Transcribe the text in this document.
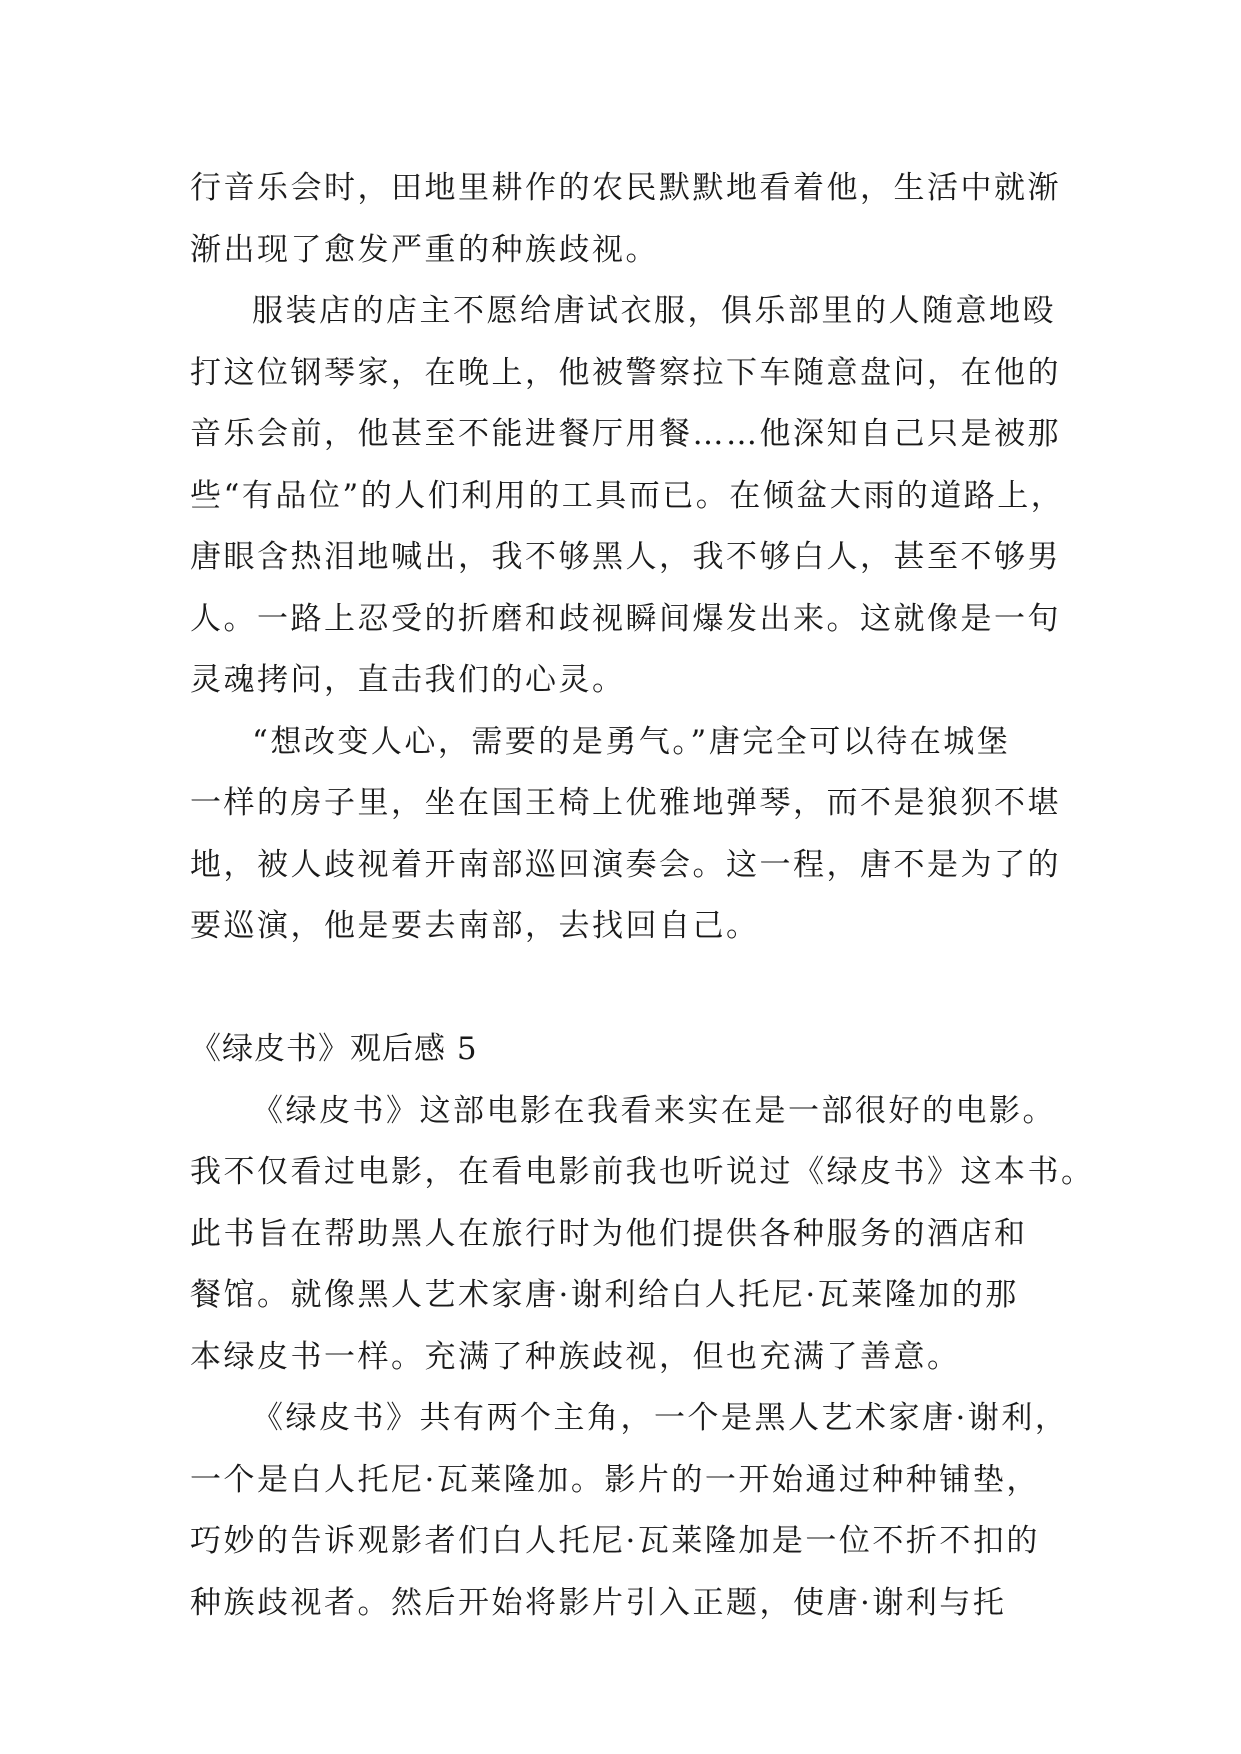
行音乐会时，田地里耕作的农民默默地看着他，生活中就渐
渐出现了愈发严重的种族歧视。
服装店的店主不愿给唐试衣服，俱乐部里的人随意地殴
打这位钢琴家，在晚上，他被警察拉下车随意盘问，在他的
音乐会前，他甚至不能进餐厅用餐……他深知自己只是被那
些“有品位”的人们利用的工具而已。在倾盆大雨的道路上，
唐眼含热泪地喊出，我不够黑人，我不够白人，甚至不够男
人。一路上忍受的折磨和歧视瞬间爆发出来。这就像是一句
灵魂拷问，直击我们的心灵。
“想改变人心，需要的是勇气。”唐完全可以待在城堡
一样的房子里，坐在国王椅上优雅地弹琴，而不是狼狈不堪
地，被人歧视着开南部巡回演奏会。这一程，唐不是为了的
要巡演，他是要去南部，去找回自己。
《绿皮书》观后感 5
《绿皮书》这部电影在我看来实在是一部很好的电影。
我不仅看过电影，在看电影前我也听说过《绿皮书》这本书。
此书旨在帮助黑人在旅行时为他们提供各种服务的酒店和
餐馆。就像黑人艺术家唐·谢利给白人托尼·瓦莱隆加的那
本绿皮书一样。充满了种族歧视，但也充满了善意。
《绿皮书》共有两个主角，一个是黑人艺术家唐·谢利，
一个是白人托尼·瓦莱隆加。影片的一开始通过种种铺垫，
巧妙的告诉观影者们白人托尼·瓦莱隆加是一位不折不扣的
种族歧视者。然后开始将影片引入正题，使唐·谢利与托
